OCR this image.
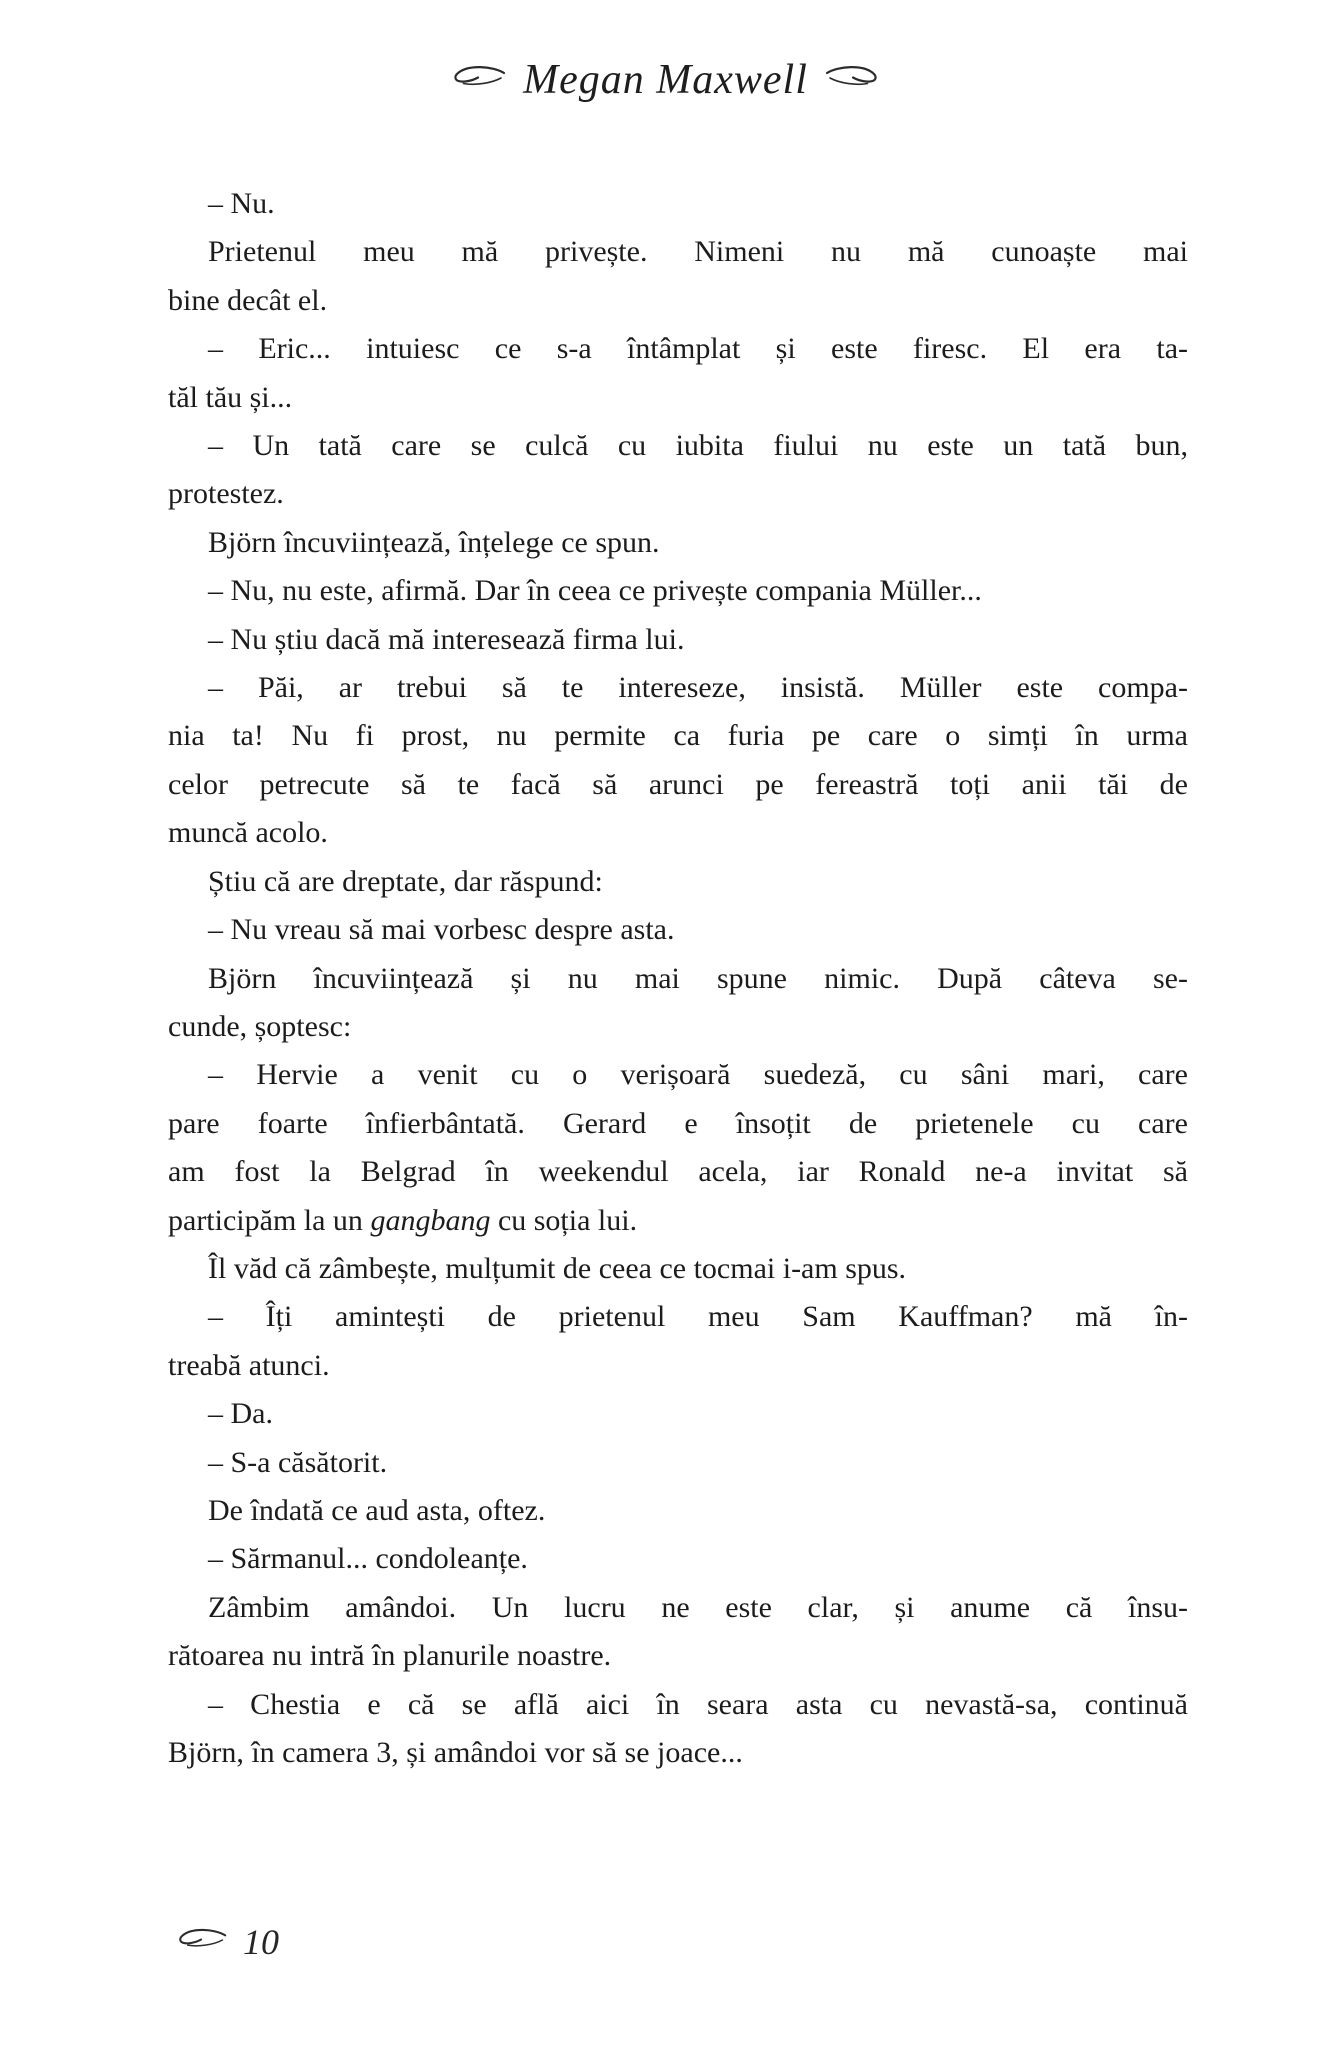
Megan Maxwell
– Nu.
Prietenul meu mă privește. Nimeni nu mă cunoaște mai
bine decât el.
– Eric... intuiesc ce s-a întâmplat și este firesc. El era ta-
tăl tău și...
– Un tată care se culcă cu iubita fiului nu este un tată bun,
protestez.
Björn încuviințează, înțelege ce spun.
– Nu, nu este, afirmă. Dar în ceea ce privește compania Müller...
– Nu știu dacă mă interesează firma lui.
– Păi, ar trebui să te intereseze, insistă. Müller este compa-
nia ta! Nu fi prost, nu permite ca furia pe care o simți în urma
celor petrecute să te facă să arunci pe fereastră toți anii tăi de
muncă acolo.
Știu că are dreptate, dar răspund:
– Nu vreau să mai vorbesc despre asta.
Björn încuviințează și nu mai spune nimic. După câteva se-
cunde, șoptesc:
– Hervie a venit cu o verișoară suedeză, cu sâni mari, care
pare foarte înfierbântată. Gerard e însoțit de prietenele cu care
am fost la Belgrad în weekendul acela, iar Ronald ne-a invitat să
participăm la un gangbang cu soția lui.
Îl văd că zâmbește, mulțumit de ceea ce tocmai i-am spus.
– Îți amintești de prietenul meu Sam Kauffman? mă în-
treabă atunci.
– Da.
– S-a căsătorit.
De îndată ce aud asta, oftez.
– Sărmanul... condoleanțe.
Zâmbim amândoi. Un lucru ne este clar, și anume că însu-
rătoarea nu intră în planurile noastre.
– Chestia e că se află aici în seara asta cu nevastă-sa, continuă
Björn, în camera 3, și amândoi vor să se joace...
10
